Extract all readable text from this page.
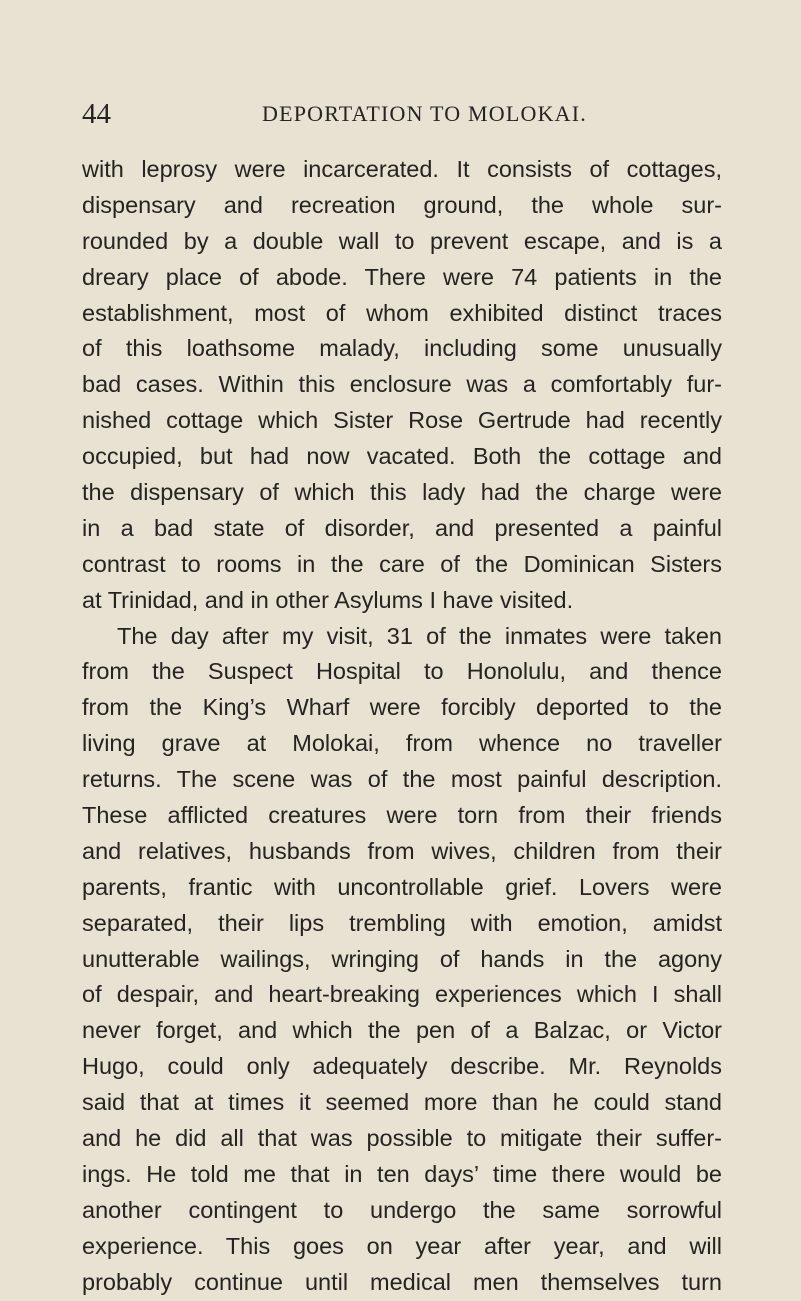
44	DEPORTATION TO MOLOKAI.
with leprosy were incarcerated. It consists of cottages,
dispensary and recreation ground, the whole sur-
rounded by a double wall to prevent escape, and is a
dreary place of abode. There were 74 patients in the
establishment, most of whom exhibited distinct traces
of this loathsome malady, including some unusually
bad cases. Within this enclosure was a comfortably fur-
nished cottage which Sister Rose Gertrude had recently
occupied, but had now vacated. Both the cottage and
the dispensary of which this lady had the charge were
in a bad state of disorder, and presented a painful
contrast to rooms in the care of the Dominican Sisters
at Trinidad, and in other Asylums I have visited.
The day after my visit, 31 of the inmates were taken
from the Suspect Hospital to Honolulu, and thence
from the King’s Wharf were forcibly deported to the
living grave at Molokai, from whence no traveller
returns. The scene was of the most painful description.
These afflicted creatures were torn from their friends
and relatives, husbands from wives, children from their
parents, frantic with uncontrollable grief. Lovers were
separated, their lips trembling with emotion, amidst
unutterable wailings, wringing of hands in the agony
of despair, and heart-breaking experiences which I shall
never forget, and which the pen of a Balzac, or Victor
Hugo, could only adequately describe. Mr. Reynolds
said that at times it seemed more than he could stand
and he did all that was possible to mitigate their suffer-
ings. He told me that in ten days’ time there would be
another contingent to undergo the same sorrowful
experience. This goes on year after year, and will
probably continue until medical men themselves turn
